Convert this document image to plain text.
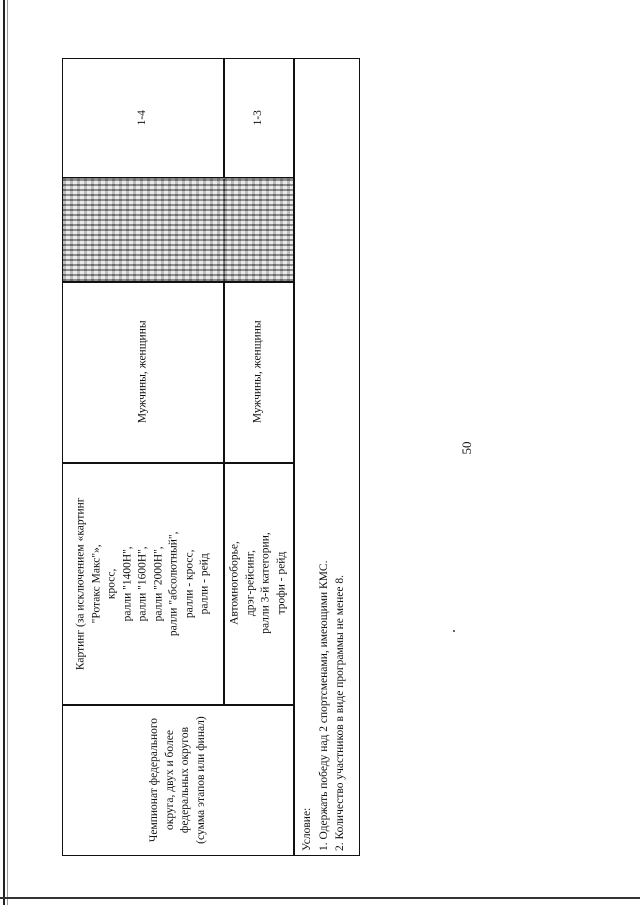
50
Чемпионат федерального округа, двух и более федеральных округов (сумма этапов или финал)
Картинг (за исключением «картинг "Ротакс Макс"», кросс, ралли "1400Н", ралли "1600Н", ралли "2000Н", ралли "абсолютный", ралли - кросс, ралли - рейд Автомногоборье, дрэг-рейсинг, ралли 3-й категории, трофи - рейд
Мужчины, женщины	Мужчины, женщины
1-4	1-3
Условие: 1. Одержать победу над 2 спортсменами, имеющими КМС. 2. Количество участников в виде программы не менее 8.
